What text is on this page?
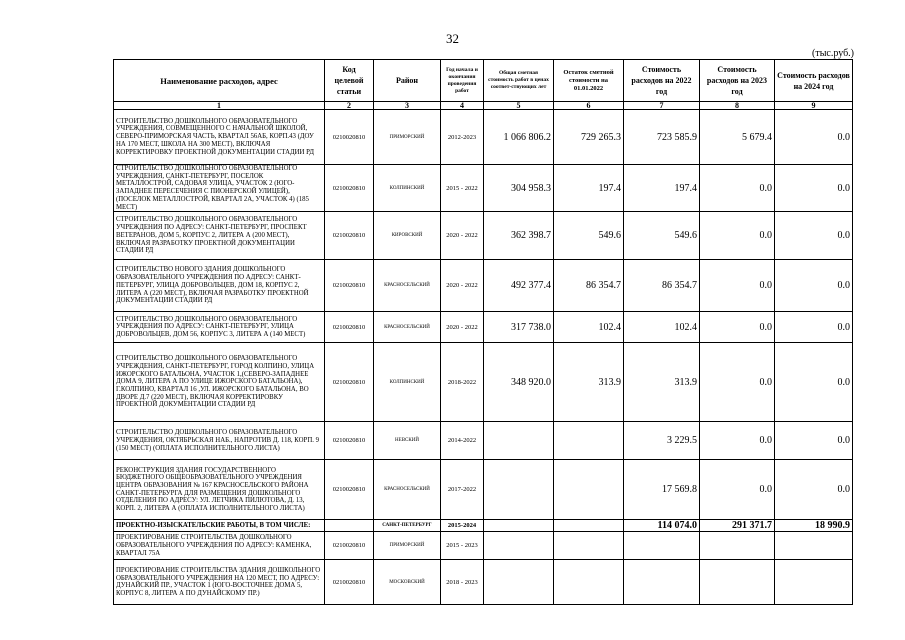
32
(тыс.руб.)
Наименование расходов, адрес	Код целевой статьи	Район	Год начала и окончания проведения работ	Общая сметная стоимость работ в ценах соответ-ствующих лет	Остаток сметной стоимости на 01.01.2022	Стоимость расходов на 2022 год	Стоимость расходов на 2023 год	Стоимость расходов на 2024 год
1	2	3	4	5	6	7	8	9
СТРОИТЕЛЬСТВО ДОШКОЛЬНОГО ОБРАЗОВАТЕЛЬНОГО УЧРЕЖДЕНИЯ, СОВМЕЩЕННОГО С НАЧАЛЬНОЙ ШКОЛОЙ, СЕВЕРО-ПРИМОРСКАЯ ЧАСТЬ, КВАРТАЛ 56АБ, КОРП.43 (ДОУ НА 170 МЕСТ, ШКОЛА НА 300 МЕСТ), ВКЛЮЧАЯ КОРРЕКТИРОВКУ ПРОЕКТНОЙ ДОКУМЕНТАЦИИ СТАДИИ РД	0210020810	ПРИМОРСКИЙ	2012-2023	1 066 806.2	729 265.3	723 585.9	5 679.4	0.0
СТРОИТЕЛЬСТВО ДОШКОЛЬНОГО ОБРАЗОВАТЕЛЬНОГО УЧРЕЖДЕНИЯ, САНКТ-ПЕТЕРБУРГ, ПОСЕЛОК МЕТАЛЛОСТРОЙ, САДОВАЯ УЛИЦА, УЧАСТОК 2 (ЮГО-ЗАПАДНЕЕ ПЕРЕСЕЧЕНИЯ С ПИОНЕРСКОЙ УЛИЦЕЙ), (ПОСЕЛОК МЕТАЛЛОСТРОЙ, КВАРТАЛ 2А, УЧАСТОК 4) (185 МЕСТ)	0210020810	КОЛПИНСКИЙ	2015 - 2022	304 958.3	197.4	197.4	0.0	0.0
СТРОИТЕЛЬСТВО ДОШКОЛЬНОГО ОБРАЗОВАТЕЛЬНОГО УЧРЕЖДЕНИЯ ПО АДРЕСУ: САНКТ-ПЕТЕРБУРГ, ПРОСПЕКТ ВЕТЕРАНОВ, ДОМ 5, КОРПУС 2, ЛИТЕРА А (200 МЕСТ), ВКЛЮЧАЯ РАЗРАБОТКУ ПРОЕКТНОЙ ДОКУМЕНТАЦИИ СТАДИИ РД	0210020810	КИРОВСКИЙ	2020 - 2022	362 398.7	549.6	549.6	0.0	0.0
СТРОИТЕЛЬСТВО НОВОГО ЗДАНИЯ ДОШКОЛЬНОГО ОБРАЗОВАТЕЛЬНОГО УЧРЕЖДЕНИЯ ПО АДРЕСУ: САНКТ-ПЕТЕРБУРГ, УЛИЦА ДОБРОВОЛЬЦЕВ, ДОМ 18, КОРПУС 2, ЛИТЕРА А (220 МЕСТ), ВКЛЮЧАЯ РАЗРАБОТКУ ПРОЕКТНОЙ ДОКУМЕНТАЦИИ СТАДИИ РД	0210020810	КРАСНОСЕЛЬСКИЙ	2020 - 2022	492 377.4	86 354.7	86 354.7	0.0	0.0
СТРОИТЕЛЬСТВО ДОШКОЛЬНОГО ОБРАЗОВАТЕЛЬНОГО УЧРЕЖДЕНИЯ ПО АДРЕСУ: САНКТ-ПЕТЕРБУРГ, УЛИЦА ДОБРОВОЛЬЦЕВ, ДОМ 56, КОРПУС 3, ЛИТЕРА А (140 МЕСТ)	0210020810	КРАСНОСЕЛЬСКИЙ	2020 - 2022	317 738.0	102.4	102.4	0.0	0.0
СТРОИТЕЛЬСТВО ДОШКОЛЬНОГО ОБРАЗОВАТЕЛЬНОГО УЧРЕЖДЕНИЯ, САНКТ-ПЕТЕРБУРГ, ГОРОД КОЛПИНО, УЛИЦА ИЖОРСКОГО БАТАЛЬОНА, УЧАСТОК 1,(СЕВЕРО-ЗАПАДНЕЕ ДОМА 9, ЛИТЕРА А ПО УЛИЦЕ ИЖОРСКОГО БАТАЛЬОНА), Г.КОЛПИНО, КВАРТАЛ 16 ,УЛ. ИЖОРСКОГО БАТАЛЬОНА, ВО ДВОРЕ Д.7 (220 МЕСТ), ВКЛЮЧАЯ КОРРЕКТИРОВКУ ПРОЕКТНОЙ ДОКУМЕНТАЦИИ СТАДИИ РД	0210020810	КОЛПИНСКИЙ	2018-2022	348 920.0	313.9	313.9	0.0	0.0
СТРОИТЕЛЬСТВО ДОШКОЛЬНОГО ОБРАЗОВАТЕЛЬНОГО УЧРЕЖДЕНИЯ, ОКТЯБРЬСКАЯ НАБ., НАПРОТИВ Д. 118, КОРП. 9 (150 МЕСТ) (ОПЛАТА ИСПОЛНИТЕЛЬНОГО ЛИСТА)	0210020810	НЕВСКИЙ	2014-2022			3 229.5	0.0	0.0
РЕКОНСТРУКЦИЯ ЗДАНИЯ ГОСУДАРСТВЕННОГО БЮДЖЕТНОГО ОБЩЕОБРАЗОВАТЕЛЬНОГО УЧРЕЖДЕНИЯ ЦЕНТРА ОБРАЗОВАНИЯ № 167 КРАСНОСЕЛЬСКОГО РАЙОНА САНКТ-ПЕТЕРБУРГА ДЛЯ РАЗМЕЩЕНИЯ ДОШКОЛЬНОГО ОТДЕЛЕНИЯ ПО АДРЕСУ: УЛ. ЛЕТЧИКА ПИЛЮТОВА, Д. 13, КОРП. 2, ЛИТЕРА А (ОПЛАТА ИСПОЛНИТЕЛЬНОГО ЛИСТА)	0210020810	КРАСНОСЕЛЬСКИЙ	2017-2022			17 569.8	0.0	0.0
ПРОЕКТНО-ИЗЫСКАТЕЛЬСКИЕ РАБОТЫ, В ТОМ ЧИСЛЕ:		САНКТ-ПЕТЕРБУРГ	2015-2024			114 074.0	291 371.7	18 990.9
ПРОЕКТИРОВАНИЕ СТРОИТЕЛЬСТВА ДОШКОЛЬНОГО ОБРАЗОВАТЕЛЬНОГО УЧРЕЖДЕНИЯ ПО АДРЕСУ: КАМЕНКА, КВАРТАЛ 75А	0210020810	ПРИМОРСКИЙ	2015 - 2023					
ПРОЕКТИРОВАНИЕ СТРОИТЕЛЬСТВА ЗДАНИЯ ДОШКОЛЬНОГО ОБРАЗОВАТЕЛЬНОГО УЧРЕЖДЕНИЯ НА 120 МЕСТ, ПО АДРЕСУ: ДУНАЙСКИЙ ПР., УЧАСТОК 1 (ЮГО-ВОСТОЧНЕЕ ДОМА 5, КОРПУС 8, ЛИТЕРА А ПО ДУНАЙСКОМУ ПР.)	0210020810	МОСКОВСКИЙ	2018 - 2023					
